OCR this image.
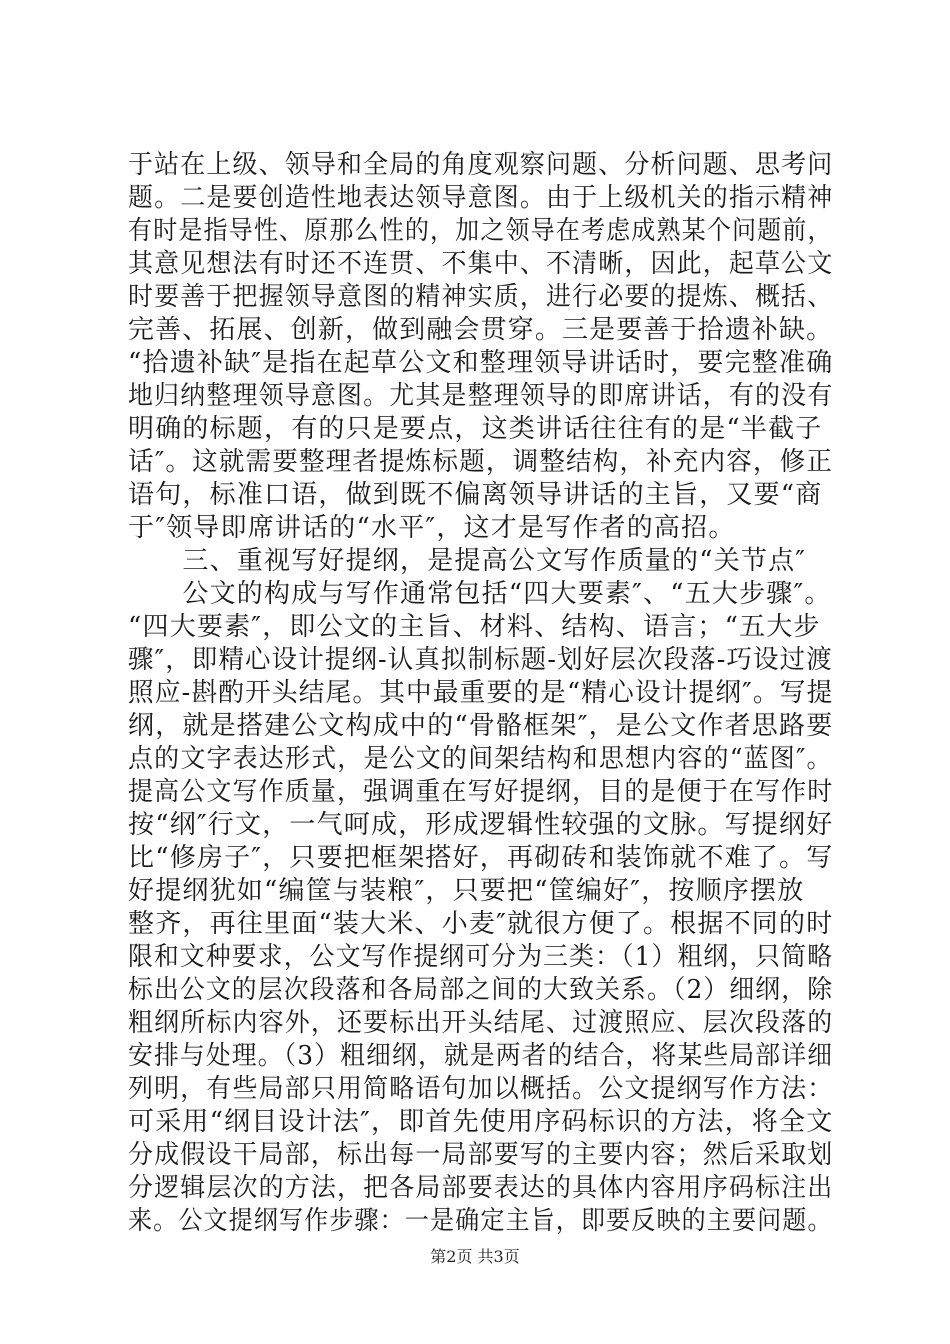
于站在上级、领导和全局的角度观察问题、分析问题、思考问
题。二是要创造性地表达领导意图。由于上级机关的指示精神
有时是指导性、原那么性的，加之领导在考虑成熟某个问题前，
其意见想法有时还不连贯、不集中、不清晰，因此，起草公文
时要善于把握领导意图的精神实质，进行必要的提炼、概括、
完善、拓展、创新，做到融会贯穿。三是要善于拾遗补缺。
“拾遗补缺″是指在起草公文和整理领导讲话时，要完整准确
地归纳整理领导意图。尤其是整理领导的即席讲话，有的没有
明确的标题，有的只是要点，这类讲话往往有的是“半截子
话″。这就需要整理者提炼标题，调整结构，补充内容，修正
语句，标准口语，做到既不偏离领导讲话的主旨，又要“商
于″领导即席讲话的“水平″，这才是写作者的高招。
　　三、重视写好提纲，是提高公文写作质量的“关节点″
　　公文的构成与写作通常包括“四大要素″、“五大步骤″。
“四大要素″，即公文的主旨、材料、结构、语言；“五大步
骤″，即精心设计提纲-认真拟制标题-划好层次段落-巧设过渡
照应-斟酌开头结尾。其中最重要的是“精心设计提纲″。写提
纲，就是搭建公文构成中的“骨骼框架″，是公文作者思路要
点的文字表达形式，是公文的间架结构和思想内容的“蓝图″。
提高公文写作质量，强调重在写好提纲，目的是便于在写作时
按“纲″行文，一气呵成，形成逻辑性较强的文脉。写提纲好
比“修房子″，只要把框架搭好，再砌砖和装饰就不难了。写
好提纲犹如“编筐与装粮″，只要把“筐编好″，按顺序摆放
整齐，再往里面“装大米、小麦″就很方便了。根据不同的时
限和文种要求，公文写作提纲可分为三类：（1）粗纲，只简略
标出公文的层次段落和各局部之间的大致关系。（2）细纲，除
粗纲所标内容外，还要标出开头结尾、过渡照应、层次段落的
安排与处理。（3）粗细纲，就是两者的结合，将某些局部详细
列明，有些局部只用简略语句加以概括。公文提纲写作方法：
可采用“纲目设计法″，即首先使用序码标识的方法，将全文
分成假设干局部，标出每一局部要写的主要内容；然后采取划
分逻辑层次的方法，把各局部要表达的具体内容用序码标注出
来。公文提纲写作步骤：一是确定主旨，即要反映的主要问题。
第2页 共3页
